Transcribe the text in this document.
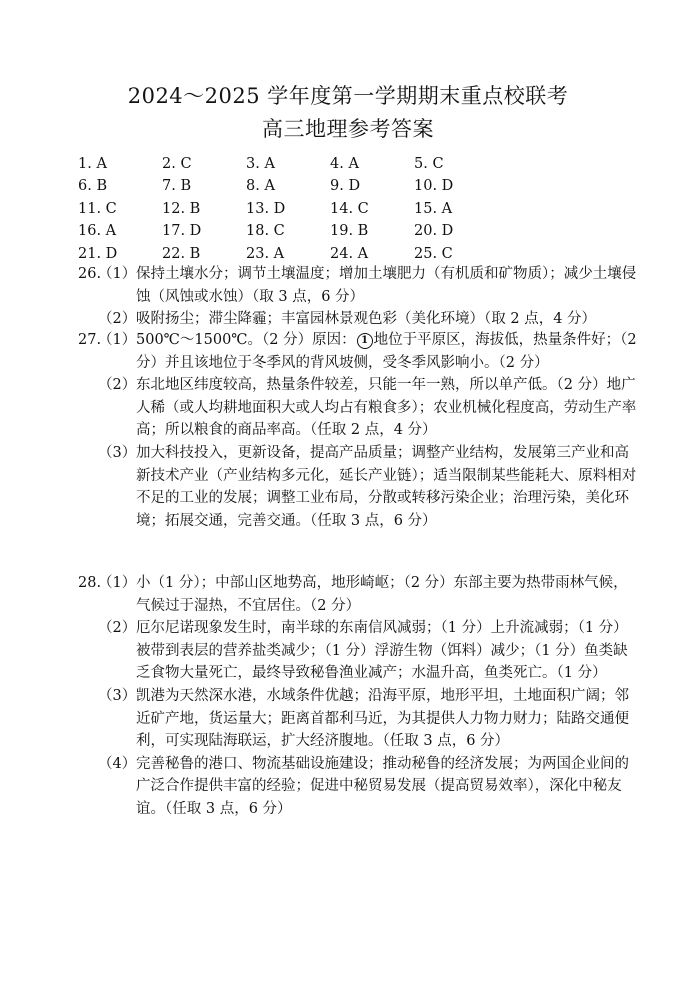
2024～2025 学年度第一学期期末重点校联考
高三地理参考答案
1. A	2. C	3. A	4. A	5. C
6. B	7. B	8. A	9. D	10. D
11. C	12. B	13. D	14. C	15. A
16. A	17. D	18. C	19. B	20. D
21. D	22. B	23. A	24. A	25. C
26.
（1） 保持土壤水分；调节土壤温度；增加土壤肥力（有机质和矿物质）；减少土壤侵蚀（风蚀或水蚀）（取 3 点，6 分）
（2） 吸附扬尘；滞尘降霾；丰富园林景观色彩（美化环境）（取 2 点，4 分）
27.
（1） 500℃～1500℃。（2 分）原因： 1 地位于平原区，海拔低，热量条件好；（2 分）并且该地位于冬季风的背风坡侧，受冬季风影响小。（2 分）
（2） 东北地区纬度较高，热量条件较差，只能一年一熟，所以单产低。（2 分）地广人稀（或人均耕地面积大或人均占有粮食多）；农业机械化程度高，劳动生产率高；所以粮食的商品率高。（任取 2 点，4 分）
（3） 加大科技投入，更新设备，提高产品质量；调整产业结构，发展第三产业和高新技术产业（产业结构多元化，延长产业链）；适当限制某些能耗大、原料相对不足的工业的发展；调整工业布局，分散或转移污染企业；治理污染，美化环境；拓展交通，完善交通。（任取 3 点，6 分）
28.
（1） 小（1 分）；中部山区地势高，地形崎岖；（2 分）东部主要为热带雨林气候，气候过于湿热，不宜居住。（2 分）
（2） 厄尔尼诺现象发生时，南半球的东南信风减弱；（1 分）上升流减弱；（1 分）被带到表层的营养盐类减少；（1 分）浮游生物（饵料）减少；（1 分）鱼类缺乏食物大量死亡，最终导致秘鲁渔业减产；水温升高，鱼类死亡。（1 分）
（3） 凯港为天然深水港，水域条件优越；沿海平原，地形平坦，土地面积广阔；邻近矿产地，货运量大；距离首都利马近，为其提供人力物力财力；陆路交通便利，可实现陆海联运，扩大经济腹地。（任取 3 点，6 分）
（4） 完善秘鲁的港口、物流基础设施建设；推动秘鲁的经济发展；为两国企业间的广泛合作提供丰富的经验；促进中秘贸易发展（提高贸易效率），深化中秘友谊。（任取 3 点，6 分）
